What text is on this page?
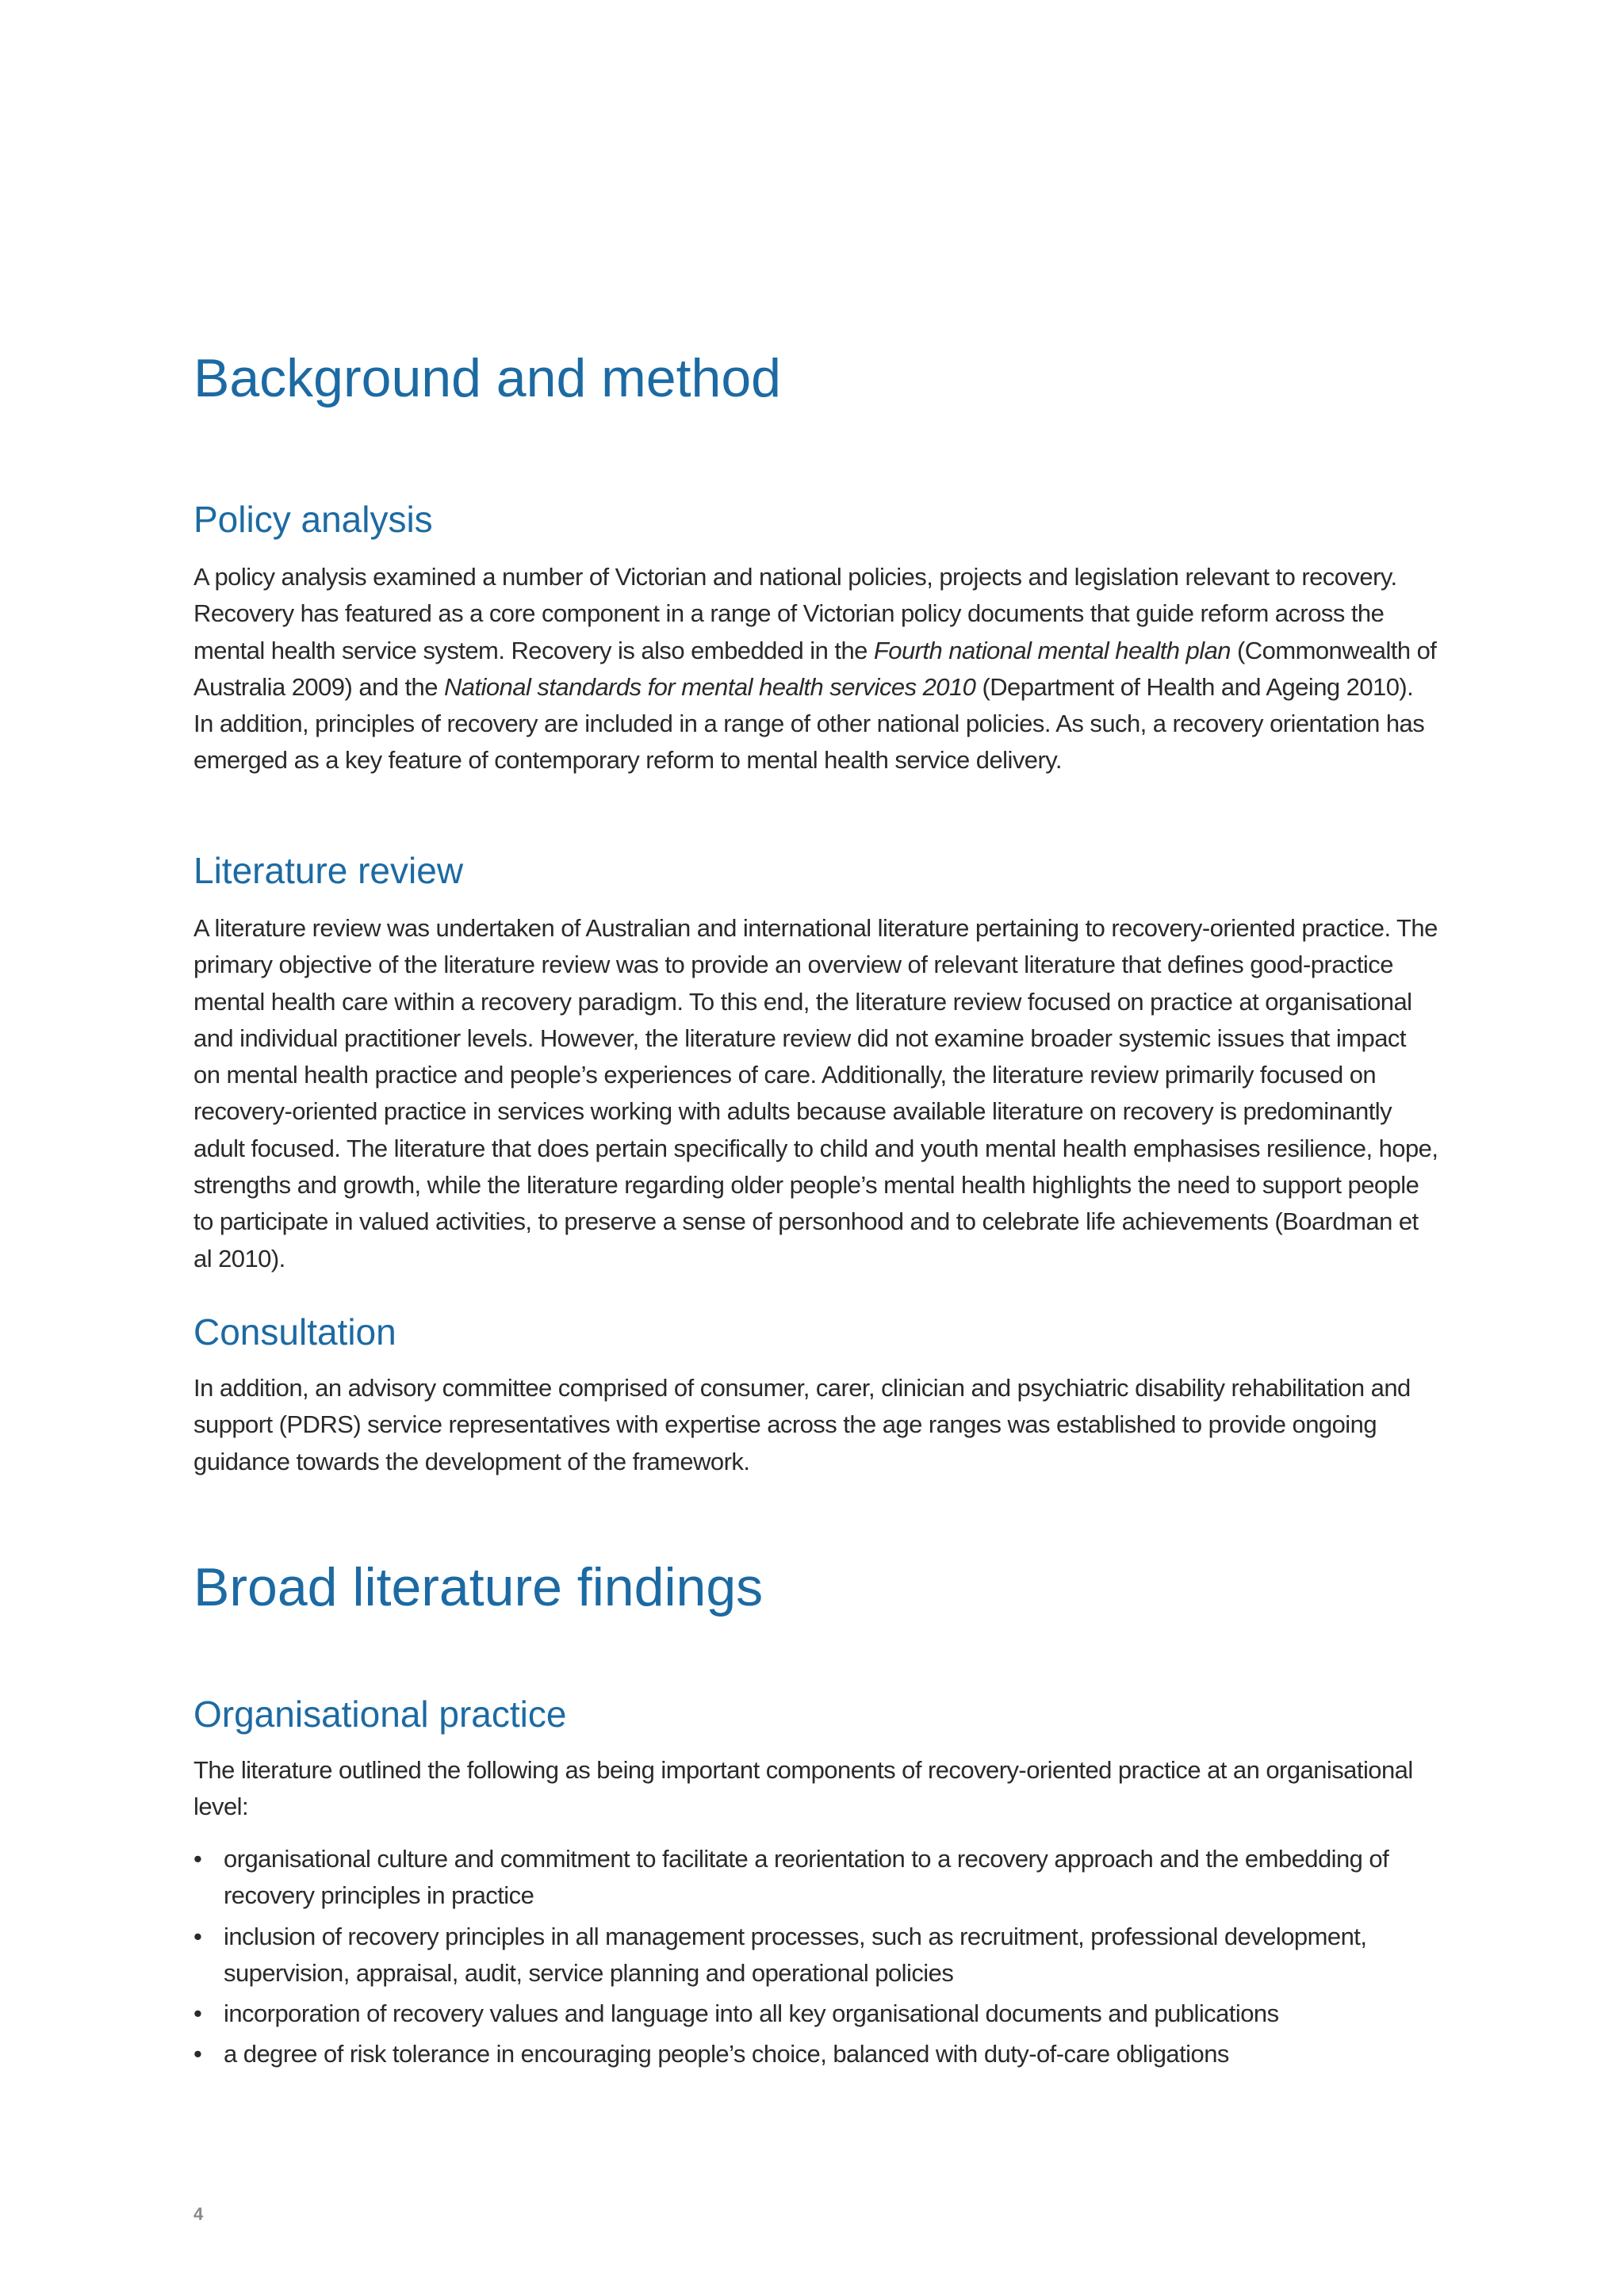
Background and method
Policy analysis

A policy analysis examined a number of Victorian and national policies, projects and legislation relevant to recovery. Recovery has featured as a core component in a range of Victorian policy documents that guide reform across the mental health service system. Recovery is also embedded in the Fourth national mental health plan (Commonwealth of Australia 2009) and the National standards for mental health services 2010 (Department of Health and Ageing 2010). In addition, principles of recovery are included in a range of other national policies. As such, a recovery orientation has emerged as a key feature of contemporary reform to mental health service delivery.

Literature review

A literature review was undertaken of Australian and international literature pertaining to recovery-oriented practice. The primary objective of the literature review was to provide an overview of relevant literature that defines good-practice mental health care within a recovery paradigm. To this end, the literature review focused on practice at organisational and individual practitioner levels. However, the literature review did not examine broader systemic issues that impact on mental health practice and people’s experiences of care. Additionally, the literature review primarily focused on recovery-oriented practice in services working with adults because available literature on recovery is predominantly adult focused. The literature that does pertain specifically to child and youth mental health emphasises resilience, hope, strengths and growth, while the literature regarding older people’s mental health highlights the need to support people to participate in valued activities, to preserve a sense of personhood and to celebrate life achievements (Boardman et al 2010).

Consultation

In addition, an advisory committee comprised of consumer, carer, clinician and psychiatric disability rehabilitation and support (PDRS) service representatives with expertise across the age ranges was established to provide ongoing guidance towards the development of the framework.

Broad literature findings
Organisational practice

The literature outlined the following as being important components of recovery-oriented practice at an organisational level:

• organisational culture and commitment to facilitate a reorientation to a recovery approach and the embedding of recovery principles in practice
• inclusion of recovery principles in all management processes, such as recruitment, professional development, supervision, appraisal, audit, service planning and operational policies
• incorporation of recovery values and language into all key organisational documents and publications
• a degree of risk tolerance in encouraging people’s choice, balanced with duty-of-care obligations
4
